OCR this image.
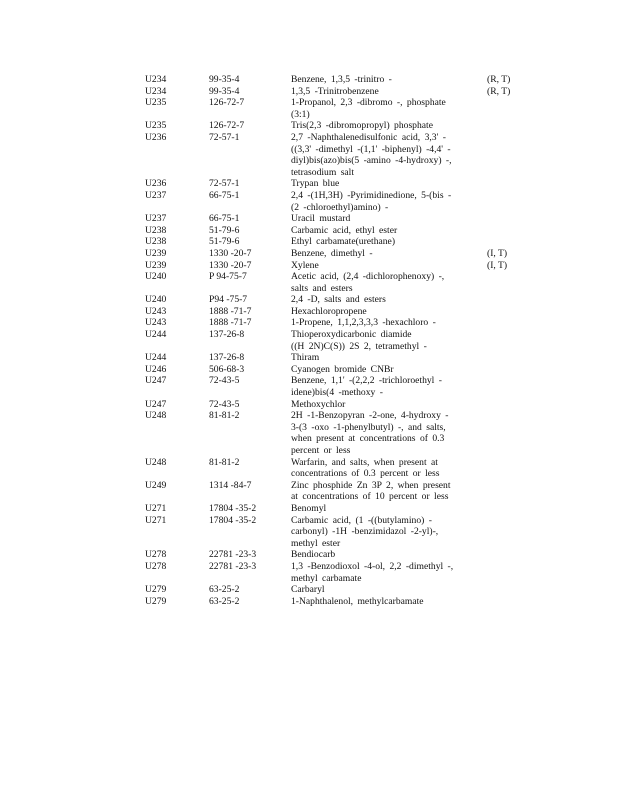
U234	99-35-4	Benzene, 1,3,5 -trinitro -	(R, T)
U234	99-35-4	1,3,5 -Trinitrobenzene	(R, T)
U235	126-72-7	1-Propanol, 2,3 -dibromo -, phosphate
(3:1)
U235	126-72-7	Tris(2,3 -dibromopropyl) phosphate
U236	72-57-1	2,7 -Naphthalenedisulfonic acid, 3,3' -
((3,3' -dimethyl -(1,1' -biphenyl) -4,4' -
diyl)bis(azo)bis(5 -amino -4-hydroxy) -,
tetrasodium salt
U236	72-57-1	Trypan blue
U237	66-75-1	2,4 -(1H,3H) -Pyrimidinedione, 5-(bis -
(2 -chloroethyl)amino) -
U237	66-75-1	Uracil mustard
U238	51-79-6	Carbamic acid, ethyl ester
U238	51-79-6	Ethyl carbamate(urethane)
U239	1330 -20-7	Benzene, dimethyl -	(I, T)
U239	1330 -20-7	Xylene	(I, T)
U240	P 94-75-7	Acetic acid, (2,4 -dichlorophenoxy) -,
salts and esters
U240	P94 -75-7	2,4 -D, salts and esters
U243	1888 -71-7	Hexachloropropene
U243	1888 -71-7	1-Propene, 1,1,2,3,3,3 -hexachloro -
U244	137-26-8	Thioperoxydicarbonic diamide
((H 2N)C(S)) 2S 2, tetramethyl -
U244	137-26-8	Thiram
U246	506-68-3	Cyanogen bromide CNBr
U247	72-43-5	Benzene, 1,1' -(2,2,2 -trichloroethyl -
idene)bis(4 -methoxy -
U247	72-43-5	Methoxychlor
U248	81-81-2	2H -1-Benzopyran -2-one, 4-hydroxy -
3-(3 -oxo -1-phenylbutyl) -, and salts,
when present at concentrations of 0.3
percent or less
U248	81-81-2	Warfarin, and salts, when present at
concentrations of 0.3 percent or less
U249	1314 -84-7	Zinc phosphide Zn 3P 2, when present
at concentrations of 10 percent or less
U271	17804 -35-2	Benomyl
U271	17804 -35-2	Carbamic acid, (1 -((butylamino) -
carbonyl) -1H -benzimidazol -2-yl)-,
methyl ester
U278	22781 -23-3	Bendiocarb
U278	22781 -23-3	1,3 -Benzodioxol -4-ol, 2,2 -dimethyl -,
methyl carbamate
U279	63-25-2	Carbaryl
U279	63-25-2	1-Naphthalenol, methylcarbamate
